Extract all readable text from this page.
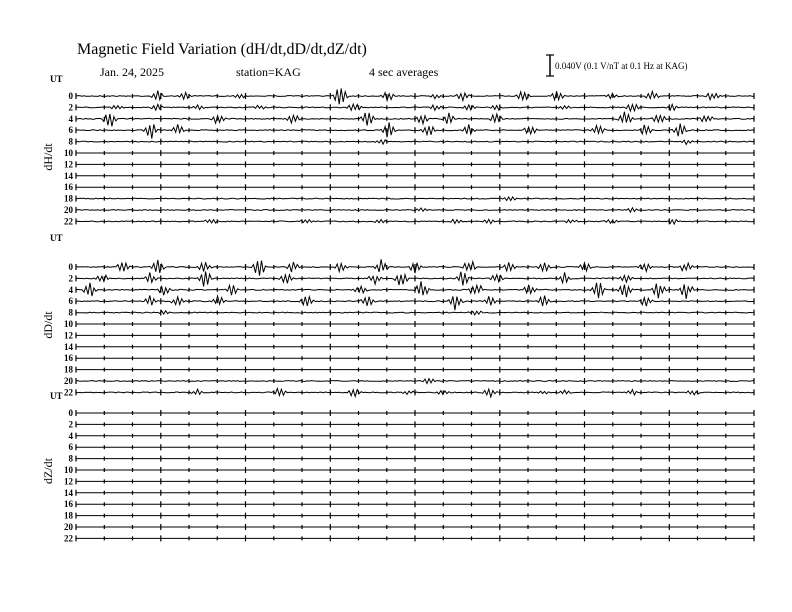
Magnetic Field Variation (dH/dt,dD/dt,dZ/dt)
Jan. 24, 2025	station=KAG	4 sec averages	0.040V (0.1 V/nT at 0.1 Hz at KAG)
UT
dH/dt
0
2
4
6
8
10
12
14
16
18
20
22
UT
dD/dt
0
2
4
6
8
10
12
14
16
18
20
22
UT
dZ/dt
0
2
4
6
8
10
12
14
16
18
20
22
